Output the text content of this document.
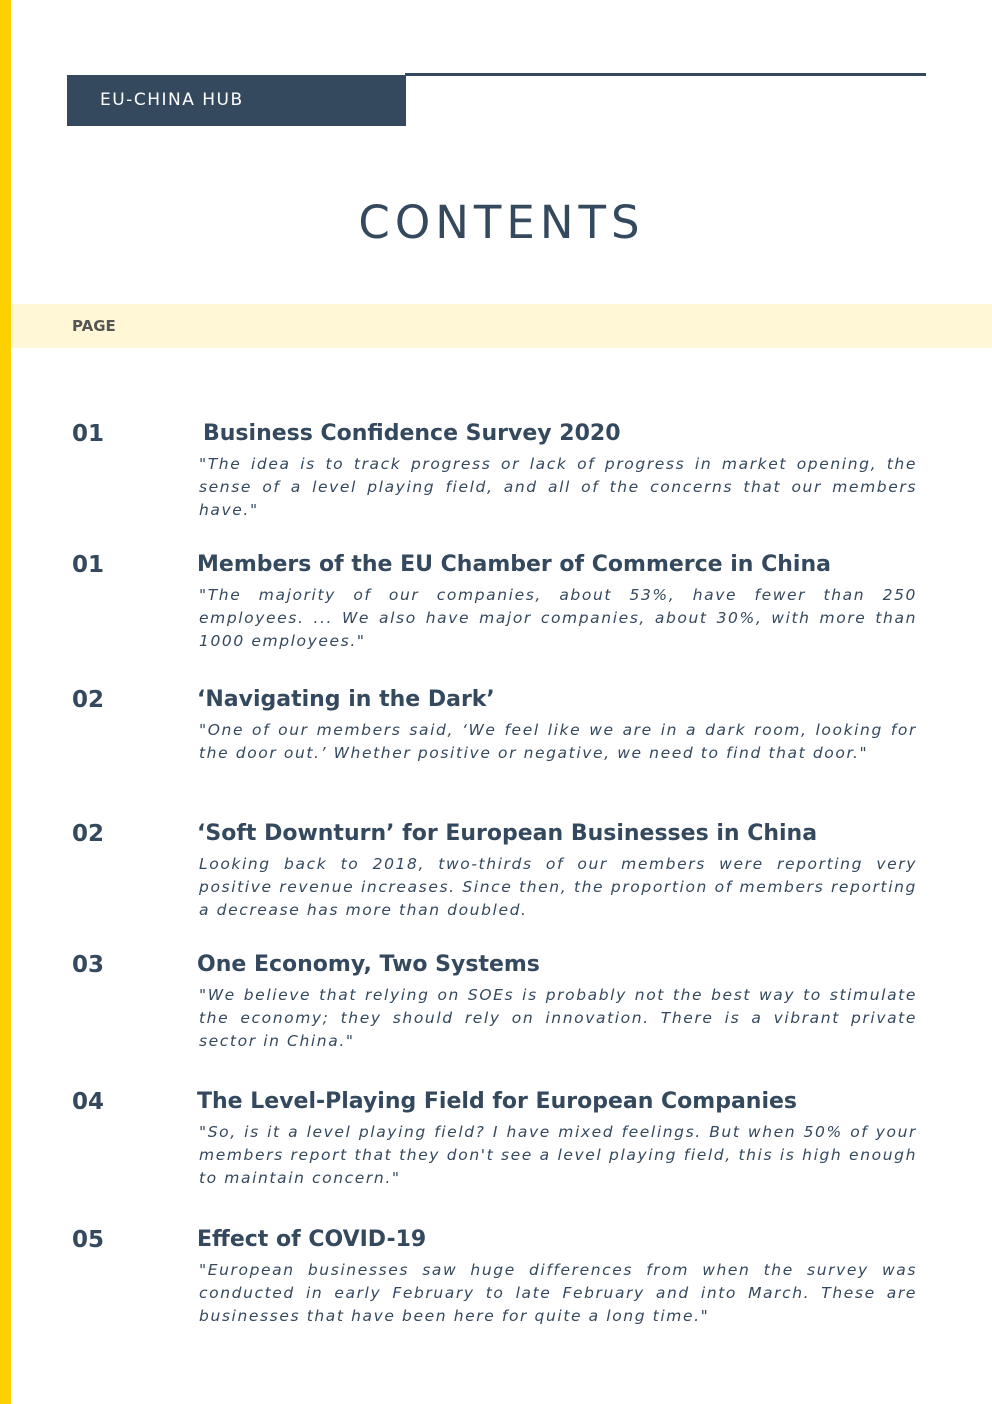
EU-CHINA HUB
CONTENTS
PAGE
01	Business Confidence Survey 2020
"The idea is to track progress or lack of progress in market opening, the sense of a level playing field, and all of the concerns that our members have."
01	Members of the EU Chamber of Commerce in China
"The majority of our companies, about 53%, have fewer than 250 employees. ... We also have major companies, about 30%, with more than 1000 employees."
02	‘Navigating in the Dark’
"One of our members said, ‘We feel like we are in a dark room, looking for the door out.’ Whether positive or negative, we need to find that door."
02	‘Soft Downturn’ for European Businesses in China
Looking back to 2018, two-thirds of our members were reporting very positive revenue increases. Since then, the proportion of members reporting a decrease has more than doubled.
03	One Economy, Two Systems
"We believe that relying on SOEs is probably not the best way to stimulate the economy; they should rely on innovation. There is a vibrant private sector in China."
04	The Level-Playing Field for European Companies
"So, is it a level playing field? I have mixed feelings. But when 50% of your members report that they don't see a level playing field, this is high enough to maintain concern."
05	Effect of COVID-19
"European businesses saw huge differences from when the survey was conducted in early February to late February and into March. These are businesses that have been here for quite a long time."
